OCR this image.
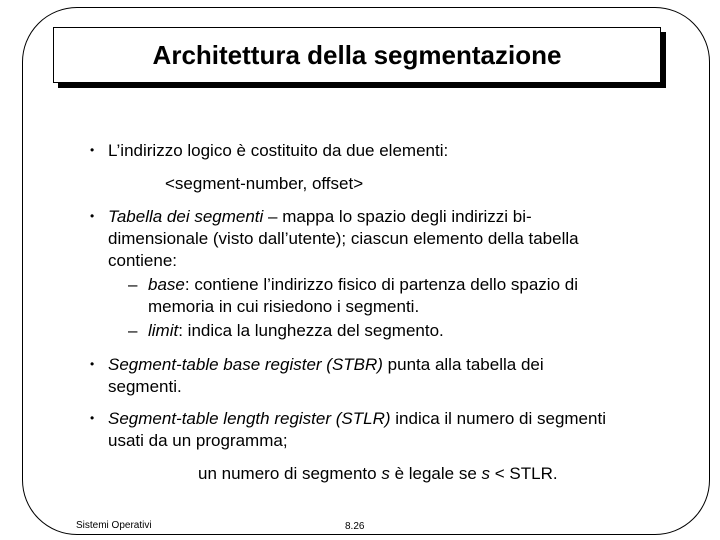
Architettura della segmentazione
• L’indirizzo logico è costituito da due elementi:
<segment-number, offset>
• Tabella dei segmenti – mappa lo spazio degli indirizzi bi-
dimensionale (visto dall’utente); ciascun elemento della tabella
contiene:
– base: contiene l’indirizzo fisico di partenza dello spazio di
memoria in cui risiedono i segmenti.
– limit: indica la lunghezza del segmento.
• Segment-table base register (STBR) punta alla tabella dei
segmenti.
• Segment-table length register (STLR) indica il numero di segmenti
usati da un programma;
un numero di segmento s è legale se s < STLR.
Sistemi Operativi	8.26
